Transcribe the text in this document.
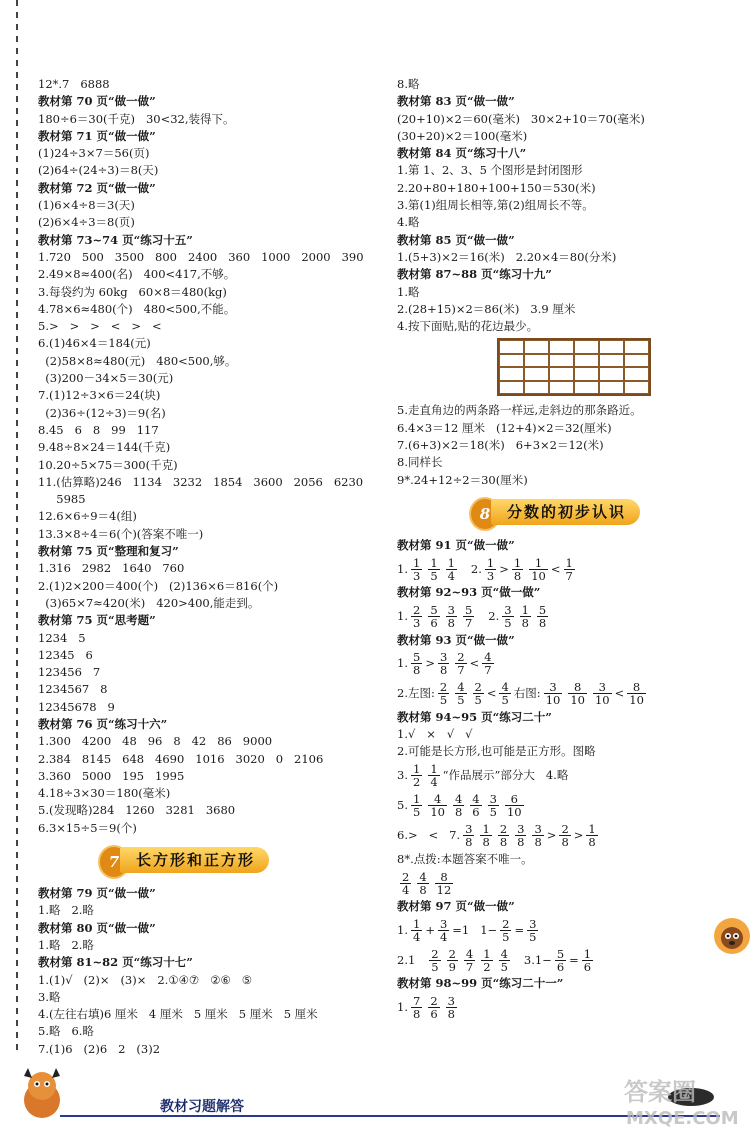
12*.7   6888
教材第 70 页“做一做”
180÷6＝30(千克)   30<32,装得下。
教材第 71 页“做一做”
(1)24÷3×7＝56(页)
(2)64÷(24÷3)＝8(天)
教材第 72 页“做一做”
(1)6×4÷8＝3(天)
(2)6×4÷3＝8(页)
教材第 73~74 页“练习十五”
1.720   500   3500   800   2400   360   1000   2000   390
2.49×8≈400(名)   400<417,不够。
3.每袋约为 60kg   60×8＝480(kg)
4.78×6≈480(个)   480<500,不能。
5.>   >   >   <   >   <
6.(1)46×4＝184(元)
(2)58×8≈480(元)   480<500,够。
(3)200－34×5＝30(元)
7.(1)12÷3×6＝24(块)
(2)36÷(12÷3)＝9(名)
8.45   6   8   99   117
9.48÷8×24＝144(千克)
10.20÷5×75＝300(千克)
11.(估算略)246   1134   3232   1854   3600   2056   6230
5985
12.6×6÷9＝4(组)
13.3×8÷4＝6(个)(答案不唯一)
教材第 75 页“整理和复习”
1.316   2982   1640   760
2.(1)2×200＝400(个)   (2)136×6＝816(个)
(3)65×7≈420(米)   420>400,能走到。
教材第 75 页“思考题”
1234   5
12345   6
123456   7
1234567   8
12345678   9
教材第 76 页“练习十六”
1.300   4200   48   96   8   42   86   9000
2.384   8145   648   4690   1016   3020   0   2106
3.360   5000   195   1995
4.18÷3×30＝180(毫米)
5.(发现略)284   1260   3281   3680
6.3×15÷5＝9(个)
7	长方形和正方形
教材第 79 页“做一做”
1.略   2.略
教材第 80 页“做一做”
1.略   2.略
教材第 81~82 页“练习十七”
1.(1)√   (2)×   (3)×   2.①④⑦   ②⑥   ⑤
3.略
4.(左往右填)6 厘米   4 厘米   5 厘米   5 厘米   5 厘米
5.略   6.略
7.(1)6   (2)6   2   (3)2
8.略
教材第 83 页“做一做”
(20+10)×2＝60(毫米)   30×2+10＝70(毫米)
(30+20)×2＝100(毫米)
教材第 84 页“练习十八”
1.第 1、2、3、5 个图形是封闭图形
2.20+80+180+100+150＝530(米)
3.第(1)组周长相等,第(2)组周长不等。
4.略
教材第 85 页“做一做”
1.(5+3)×2＝16(米)   2.20×4＝80(分米)
教材第 87~88 页“练习十九”
1.略
2.(28+15)×2＝86(米)   3.9 厘米
4.按下面贴,贴的花边最少。
5.走直角边的两条路一样远,走斜边的那条路近。
6.4×3＝12 厘米   (12+4)×2＝32(厘米)
7.(6+3)×2＝18(米)   6+3×2＝12(米)
8.同样长
9*.24+12÷2＝30(厘米)
8	分数的初步认识
教材第 91 页“做一做”
1. $\frac{1}{3} \frac{1}{5} \frac{1}{4} 2$. $\frac{1}{3} > \frac{1}{8} \frac{1}{10} < \frac{1}{7}$
教材第 92~93 页“做一做”
1. $\frac{2}{3} \frac{5}{6} \frac{3}{8} \frac{5}{7} 2$. $\frac{3}{5} \frac{1}{8} \frac{5}{8}$
教材第 93 页“做一做”
1. $\frac{5}{8} > \frac{3}{8} \frac{2}{7} < \frac{4}{7}$
2.左图: $\frac{2}{5} \frac{4}{5} \frac{2}{5} < \frac{4}{5}$ 右图: $\frac{3}{10} \frac{8}{10} \frac{3}{10} < \frac{8}{10}$
教材第 94~95 页“练习二十”
1.√   ×   √   √
2.可能是长方形,也可能是正方形。图略
3. $\frac{1}{2} \frac{1}{4}$ “作品展示”部分大   4.略
5. $\frac{1}{5} \frac{4}{10} \frac{4}{8} \frac{4}{6} \frac{3}{5} \frac{6}{10}$
6.>   <   7. $\frac{3}{8} \frac{1}{8} \frac{2}{8} \frac{3}{8} \frac{3}{8} > \frac{2}{8} > \frac{1}{8}$
8*.点拨:本题答案不唯一。
$\frac{2}{4} \frac{4}{8} \frac{8}{12}$
教材第 97 页“做一做”
1. $\frac{1}{4} + \frac{3}{4} =1$   $1- \frac{2}{5} = \frac{3}{5}$
$2.1 \frac{2}{5} \frac{2}{9} \frac{4}{7} \frac{1}{2} \frac{4}{5} 3.1- \frac{5}{6} = \frac{1}{6}$
教材第 98~99 页“练习二十一”
1. $\frac{7}{8} \frac{2}{6} \frac{3}{8}$
教材习题解答
答案圈
MXQE.COM
